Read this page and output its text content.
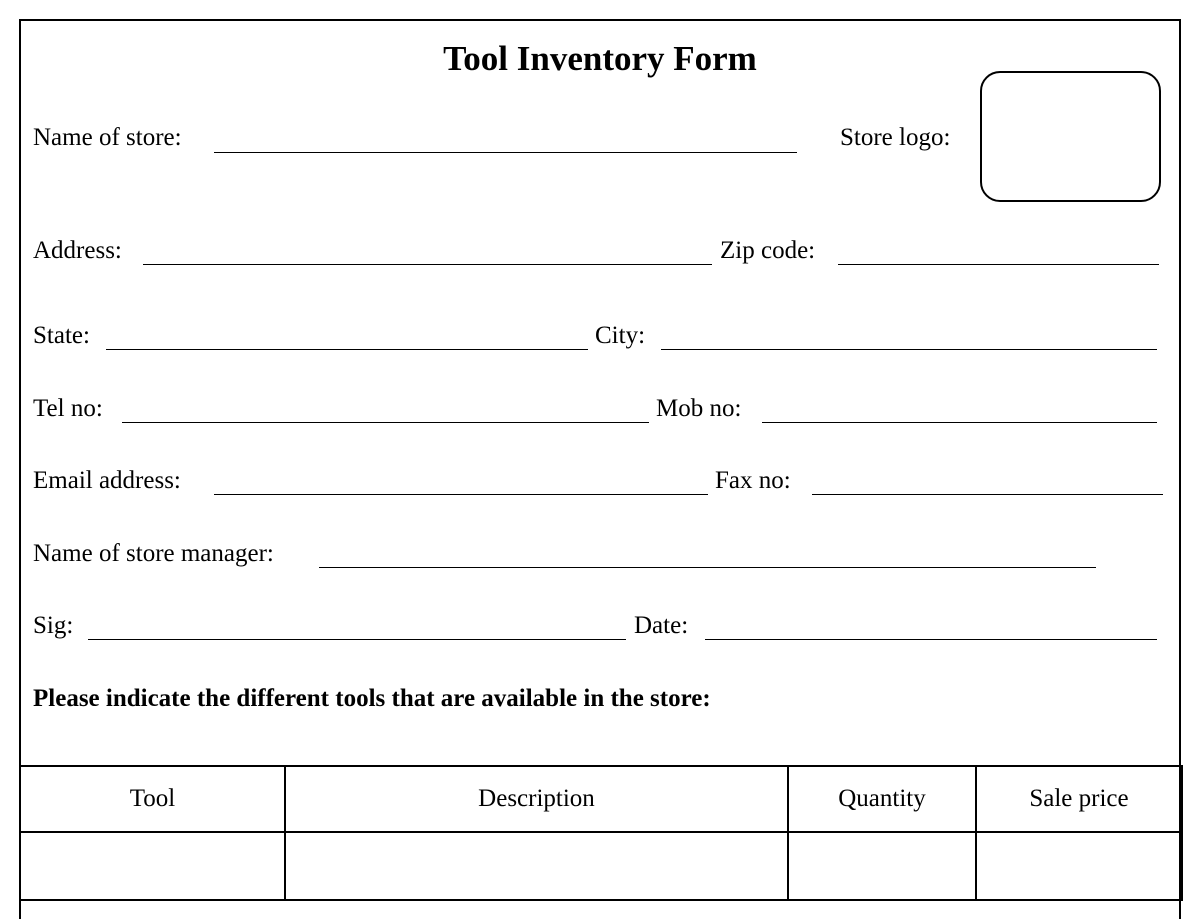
Tool Inventory Form
Name of store:	Store logo:
Address:	Zip code:
State:	City:
Tel no:	Mob no:
Email address:	Fax no:
Name of store manager:
Sig:	Date:
Please indicate the different tools that are available in the store:
Tool	Description	Quantity	Sale price
